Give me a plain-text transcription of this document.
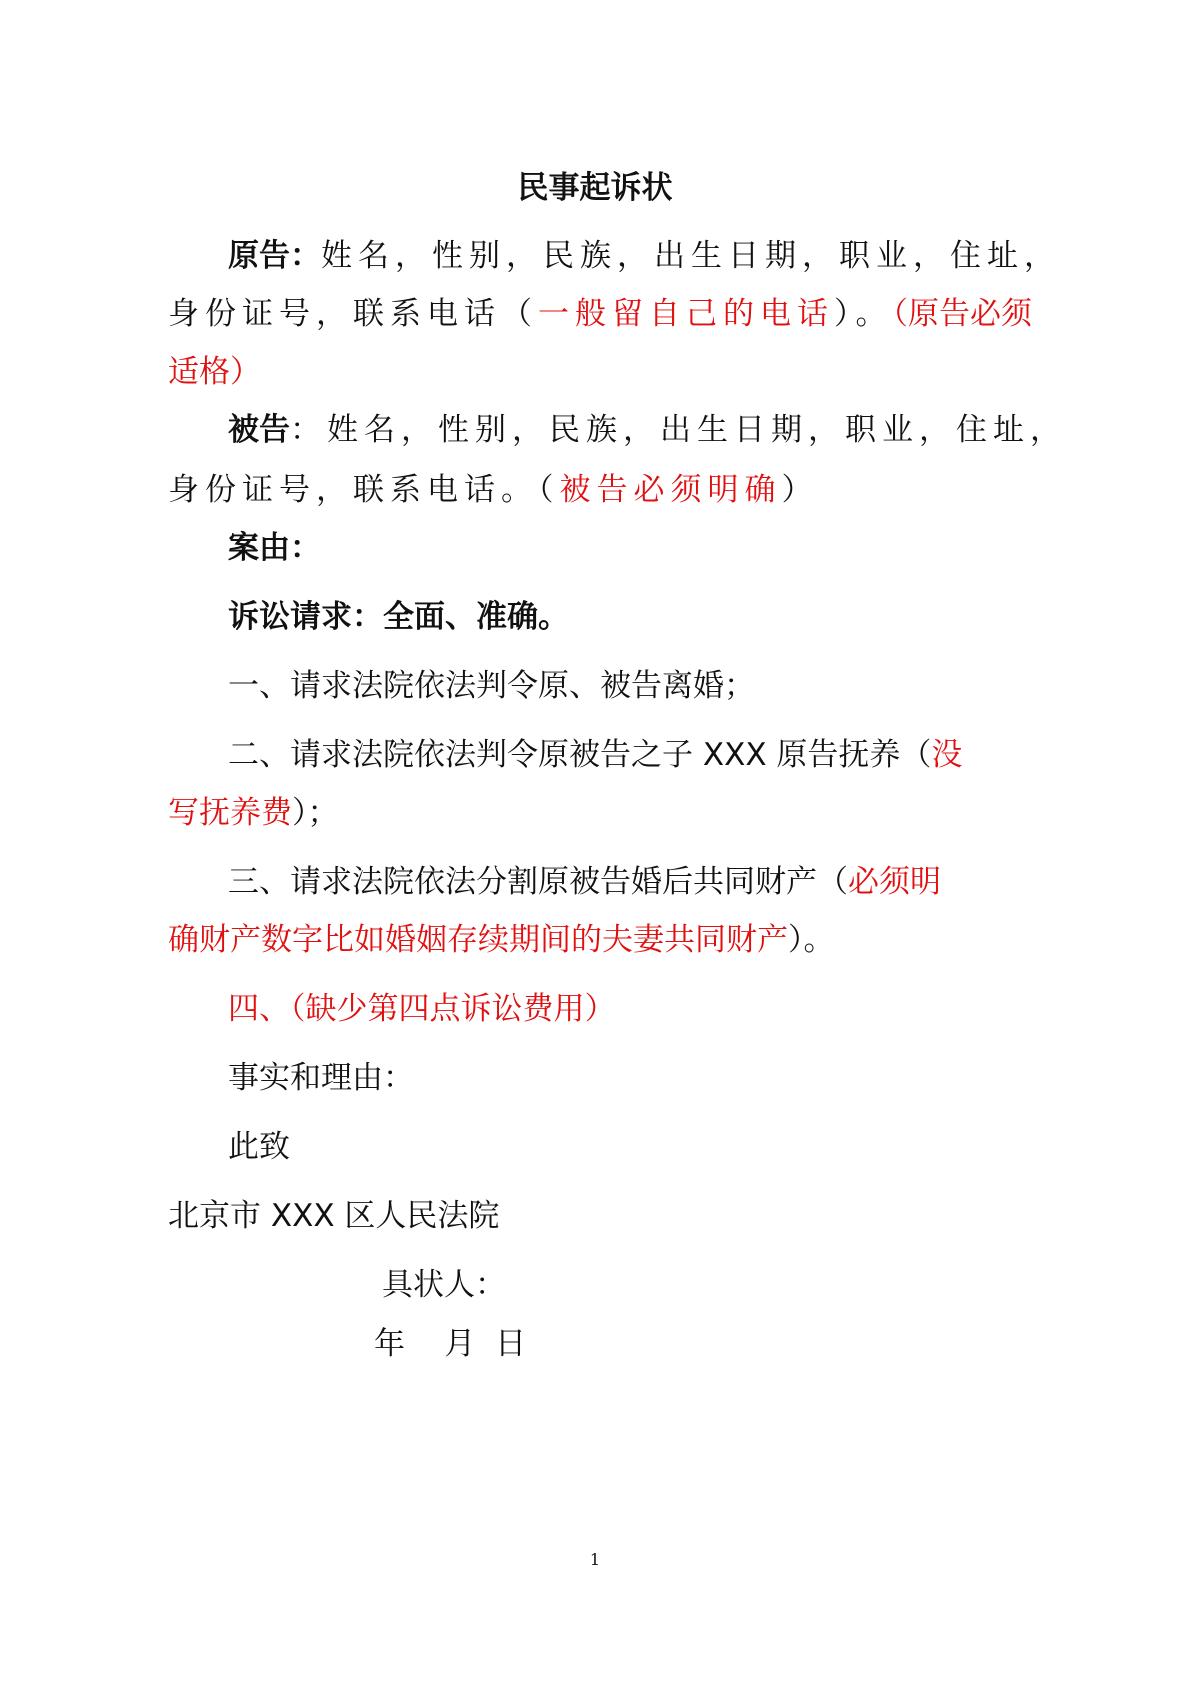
民事起诉状
原告：姓名，性别，民族，出生日期，职业，住址，
身份证号，联系电话（一般留自己的电话）。（原告必须
适格）
被告：姓名，性别，民族，出生日期，职业，住址，
身份证号，联系电话。（被告必须明确）
案由：
诉讼请求：全面、准确。
一、请求法院依法判令原、被告离婚；
二、请求法院依法判令原被告之子 XXX 原告抚养（没
写抚养费）；
三、请求法院依法分割原被告婚后共同财产（必须明
确财产数字比如婚姻存续期间的夫妻共同财产）。
四、（缺少第四点诉讼费用）
事实和理由：
此致
北京市 XXX 区人民法院
具状人：
年    月  日
1
